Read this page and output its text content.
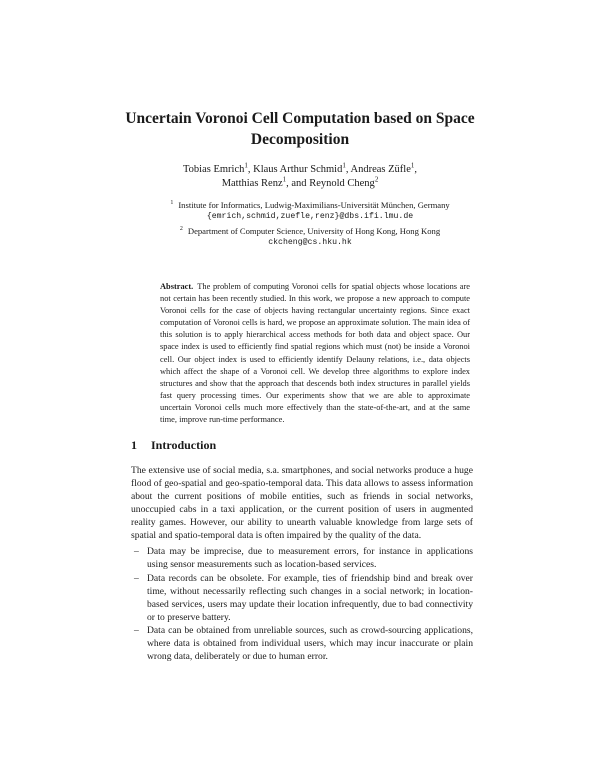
Uncertain Voronoi Cell Computation based on Space Decomposition
Tobias Emrich$^1$, Klaus Arthur Schmid$^1$, Andreas Züfle$^1$,
Matthias Renz$^1$, and Reynold Cheng$^2$
$^1$ Institute for Informatics, Ludwig-Maximilians-Universität München, Germany
{emrich,schmid,zuefle,renz}@dbs.ifi.lmu.de
$^2$ Department of Computer Science, University of Hong Kong, Hong Kong
ckcheng@cs.hku.hk
Abstract. The problem of computing Voronoi cells for spatial objects whose locations are not certain has been recently studied. In this work, we propose a new approach to compute Voronoi cells for the case of objects having rectangular uncertainty regions. Since exact computation of Voronoi cells is hard, we propose an approximate solution. The main idea of this solution is to apply hierarchical access methods for both data and object space. Our space index is used to efficiently find spatial regions which must (not) be inside a Voronoi cell. Our object index is used to efficiently identify Delauny relations, i.e., data objects which affect the shape of a Voronoi cell. We develop three algorithms to explore index structures and show that the approach that descends both index structures in parallel yields fast query processing times. Our experiments show that we are able to approximate uncertain Voronoi cells much more effectively than the state-of-the-art, and at the same time, improve run-time performance.
1 Introduction

The extensive use of social media, s.a. smartphones, and social networks produce a huge flood of geo-spatial and geo-spatio-temporal data. This data allows to assess information about the current positions of mobile entities, such as friends in social networks, unoccupied cabs in a taxi application, or the current position of users in augmented reality games. However, our ability to unearth valuable knowledge from large sets of spatial and spatio-temporal data is often impaired by the quality of the data.

– Data may be imprecise, due to measurement errors, for instance in applications using sensor measurements such as location-based services.
– Data records can be obsolete. For example, ties of friendship bind and break over time, without necessarily reflecting such changes in a social network; in location-based services, users may update their location infrequently, due to bad connectivity or to preserve battery.
– Data can be obtained from unreliable sources, such as crowd-sourcing applications, where data is obtained from individual users, which may incur inaccurate or plain wrong data, deliberately or due to human error.
